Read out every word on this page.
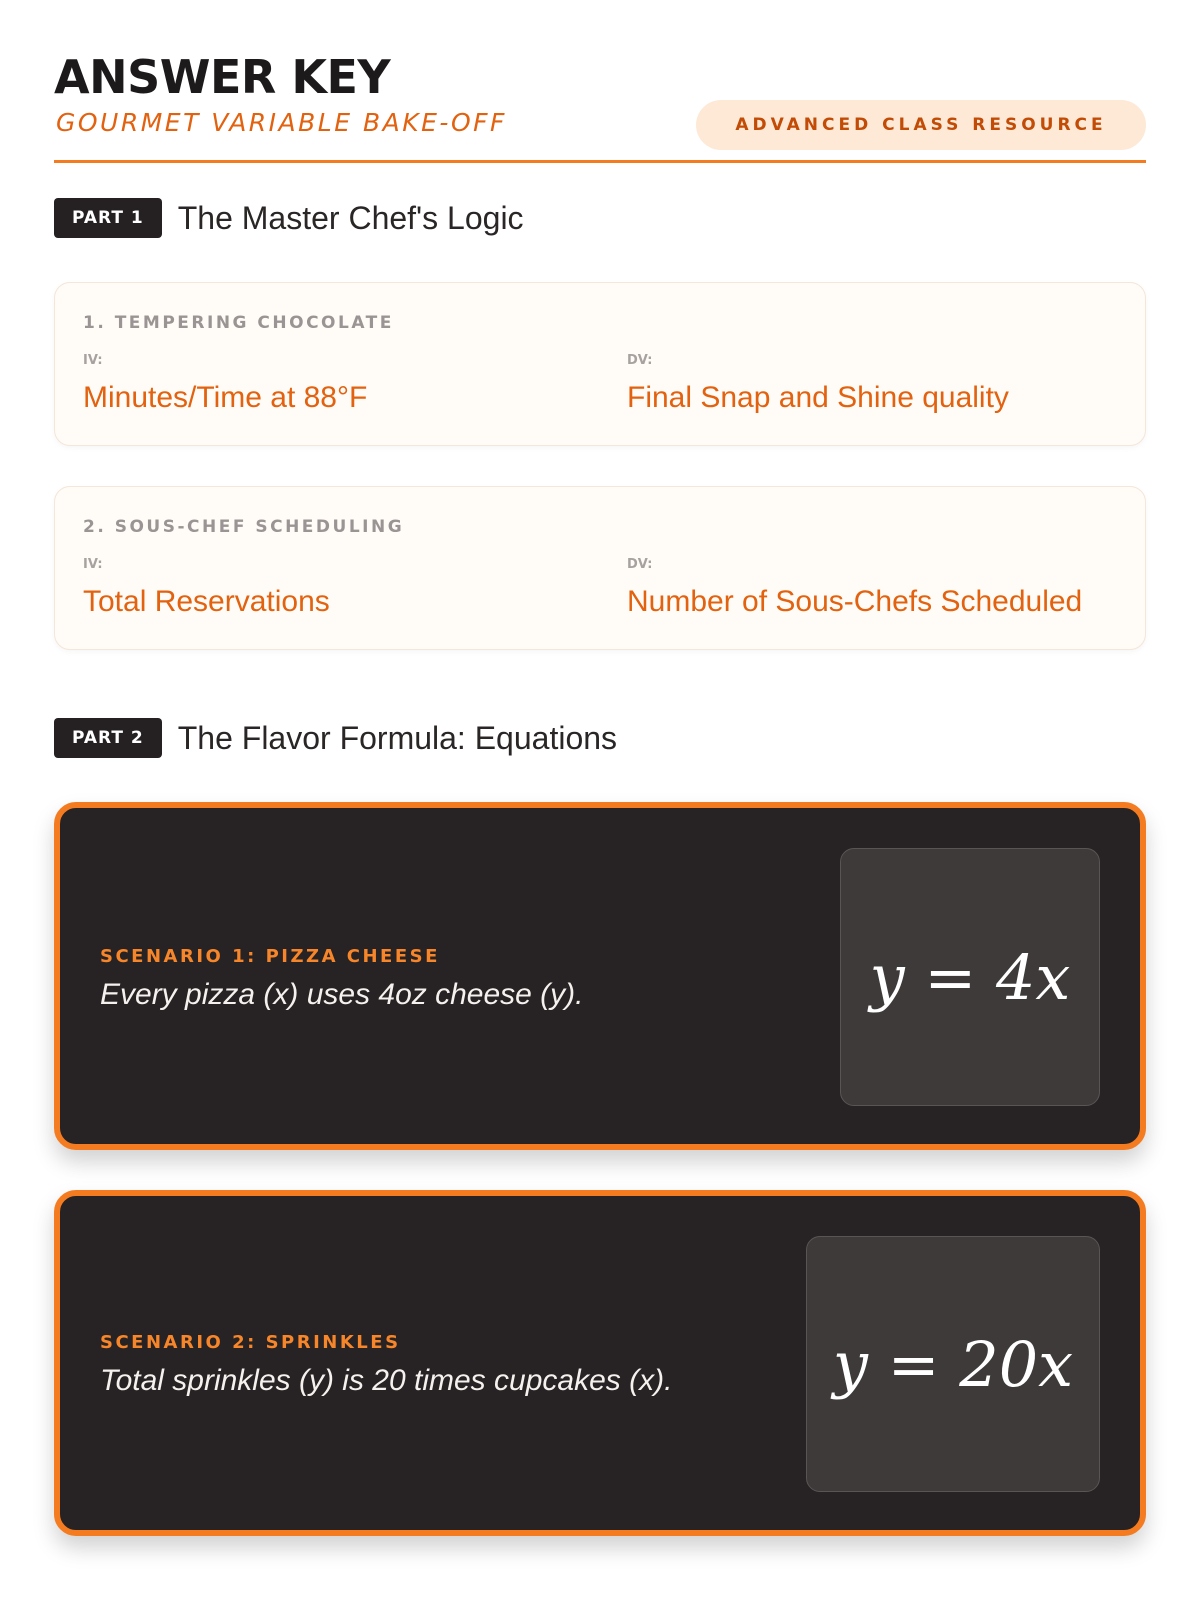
ANSWER KEY
GOURMET VARIABLE BAKE-OFF	ADVANCED CLASS RESOURCE
PART 1	The Master Chef's Logic
1. TEMPERING CHOCOLATE
IV:	DV:
Minutes/Time at 88°F	Final Snap and Shine quality
2. SOUS-CHEF SCHEDULING
IV:	DV:
Total Reservations	Number of Sous-Chefs Scheduled
PART 2	The Flavor Formula: Equations
SCENARIO 1: PIZZA CHEESE
Every pizza (x) uses 4oz cheese (y).	y = 4x
SCENARIO 2: SPRINKLES
Total sprinkles (y) is 20 times cupcakes (x).	y = 20x
